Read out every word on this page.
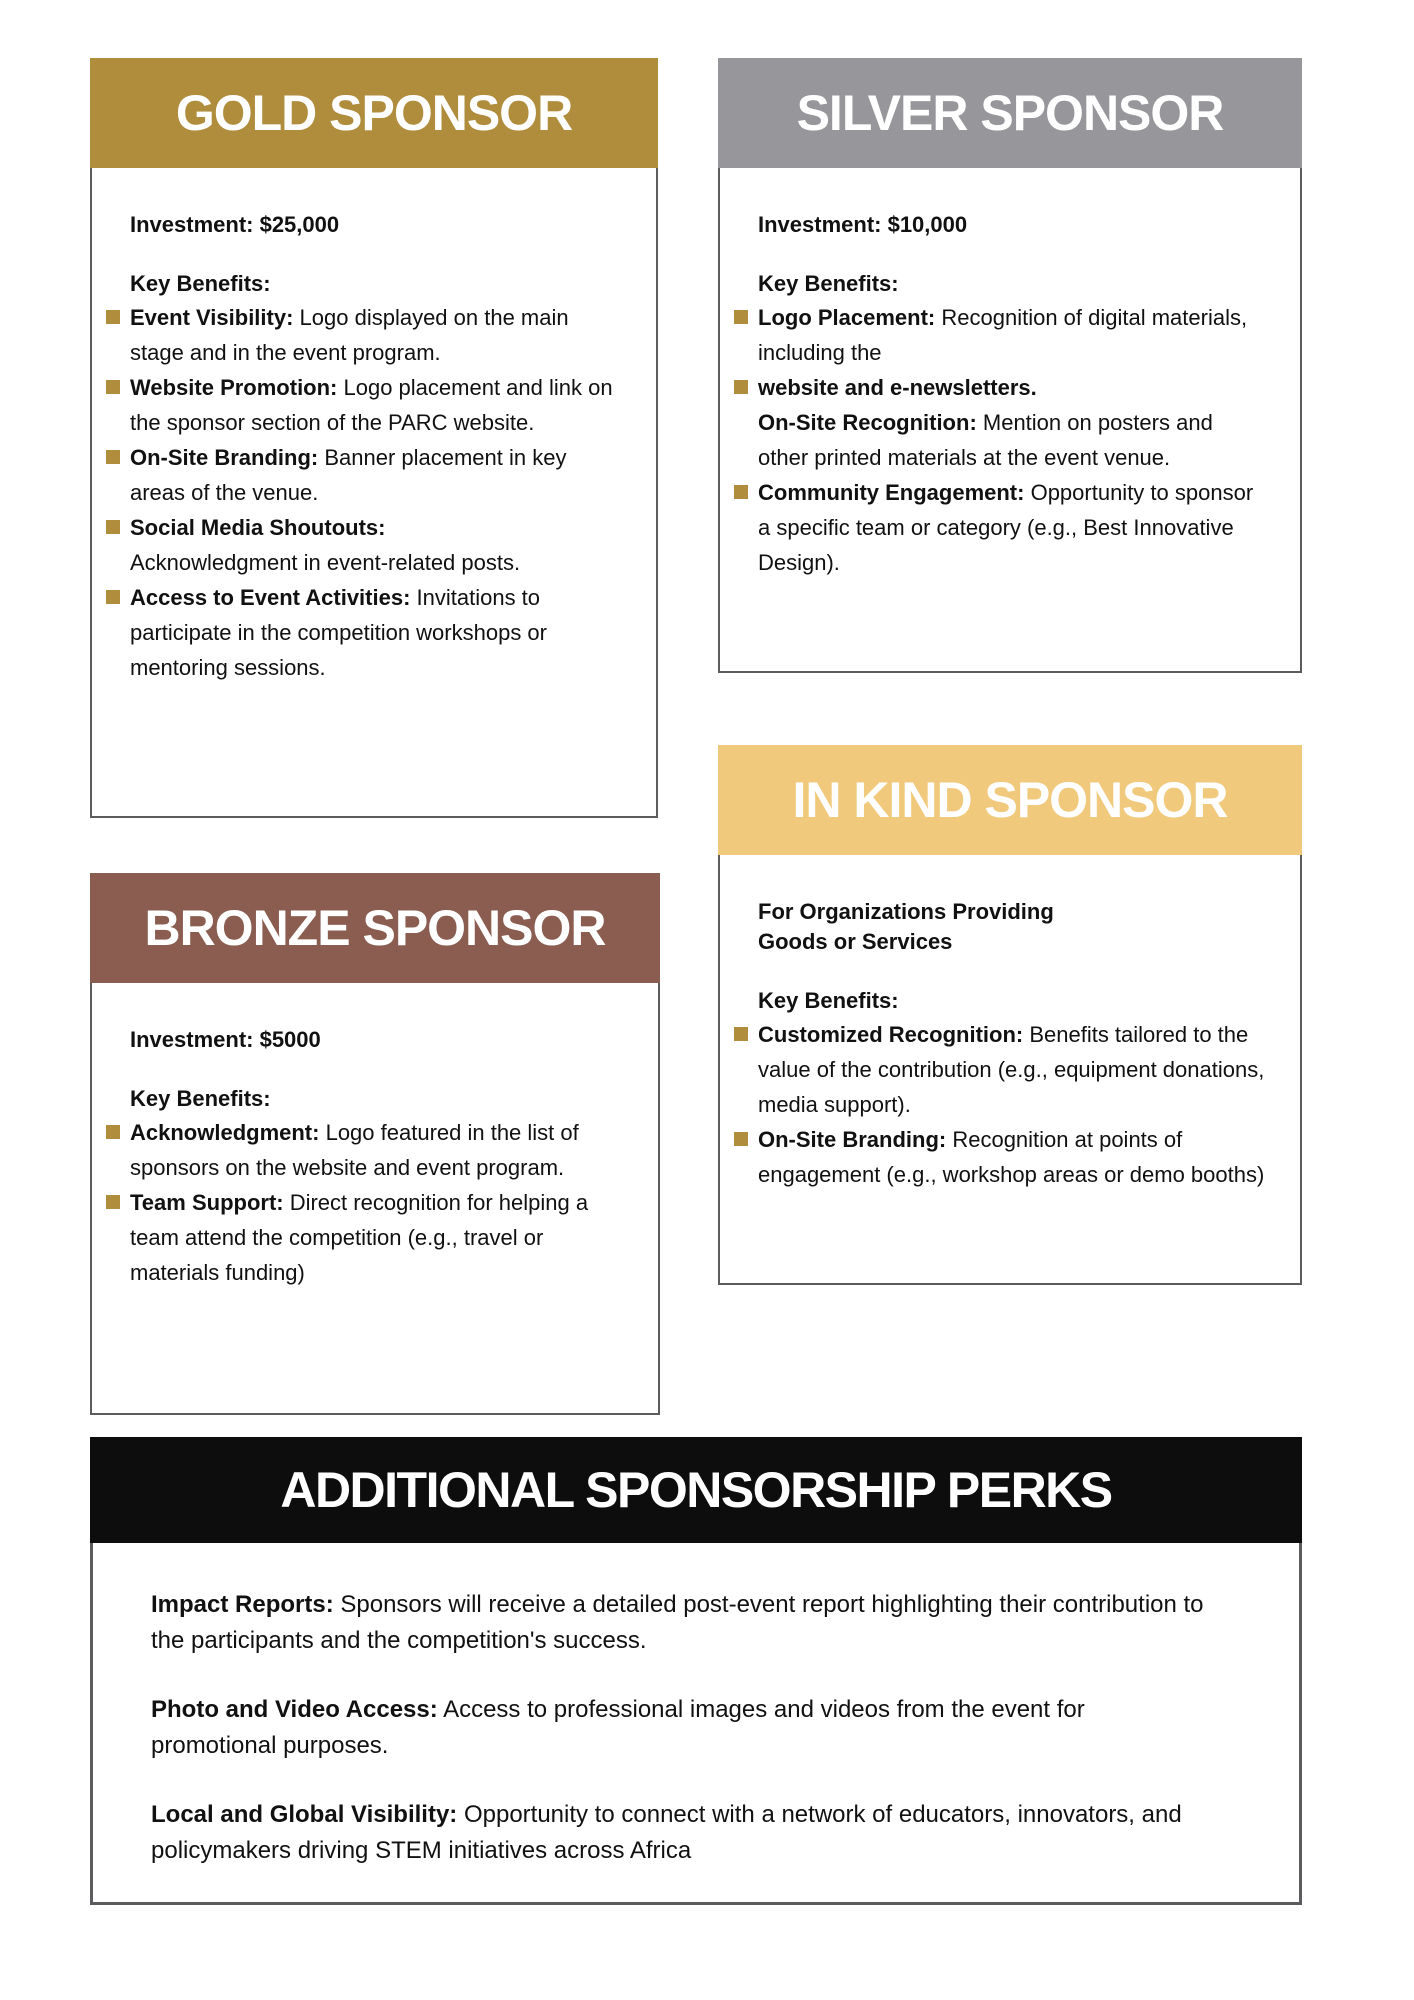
GOLD SPONSOR
Investment: $25,000
Key Benefits:
Event Visibility: Logo displayed on the main stage and in the event program.
Website Promotion: Logo placement and link on the sponsor section of the PARC website.
On-Site Branding: Banner placement in key areas of the venue.
Social Media Shoutouts:
Acknowledgment in event-related posts.
Access to Event Activities: Invitations to participate in the competition workshops or mentoring sessions.
SILVER SPONSOR
Investment: $10,000
Key Benefits:
Logo Placement: Recognition of digital materials, including the
website and e-newsletters.
On-Site Recognition: Mention on posters and other printed materials at the event venue.
Community Engagement: Opportunity to sponsor a specific team or category (e.g., Best Innovative Design).
IN KIND SPONSOR
For Organizations Providing
Goods or Services
Key Benefits:
Customized Recognition: Benefits tailored to the value of the contribution (e.g., equipment donations, media support).
On-Site Branding: Recognition at points of engagement (e.g., workshop areas or demo booths)
BRONZE SPONSOR
Investment: $5000
Key Benefits:
Acknowledgment: Logo featured in the list of sponsors on the website and event program.
Team Support: Direct recognition for helping a team attend the competition (e.g., travel or materials funding)
ADDITIONAL SPONSORSHIP PERKS

Impact Reports: Sponsors will receive a detailed post-event report highlighting their contribution to the participants and the competition's success.

Photo and Video Access: Access to professional images and videos from the event for promotional purposes.

Local and Global Visibility: Opportunity to connect with a network of educators, innovators, and policymakers driving STEM initiatives across Africa
